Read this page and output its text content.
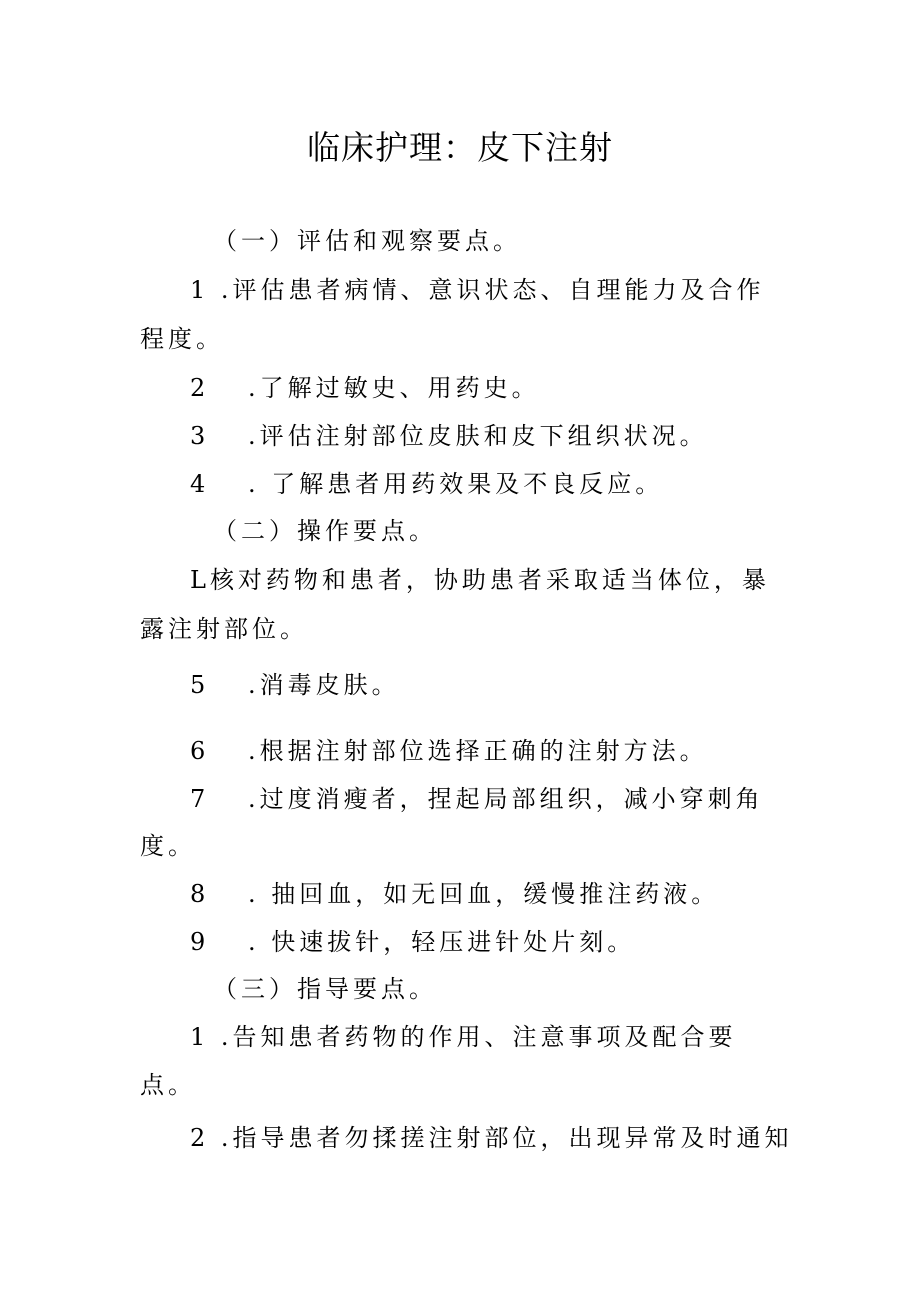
临床护理：皮下注射
（一）评估和观察要点。
1 .评估患者病情、意识状态、自理能力及合作
程度。
2 .了解过敏史、用药史。
3 .评估注射部位皮肤和皮下组织状况。
4 . 了解患者用药效果及不良反应。
（二）操作要点。
L核对药物和患者，协助患者采取适当体位，暴
露注射部位。
5 .消毒皮肤。
6 .根据注射部位选择正确的注射方法。
7 .过度消瘦者，捏起局部组织，减小穿刺角
度。
8 . 抽回血，如无回血，缓慢推注药液。
9 . 快速拔针，轻压进针处片刻。
（三）指导要点。
1 .告知患者药物的作用、注意事项及配合要
点。
2 .指导患者勿揉搓注射部位，出现异常及时通知
